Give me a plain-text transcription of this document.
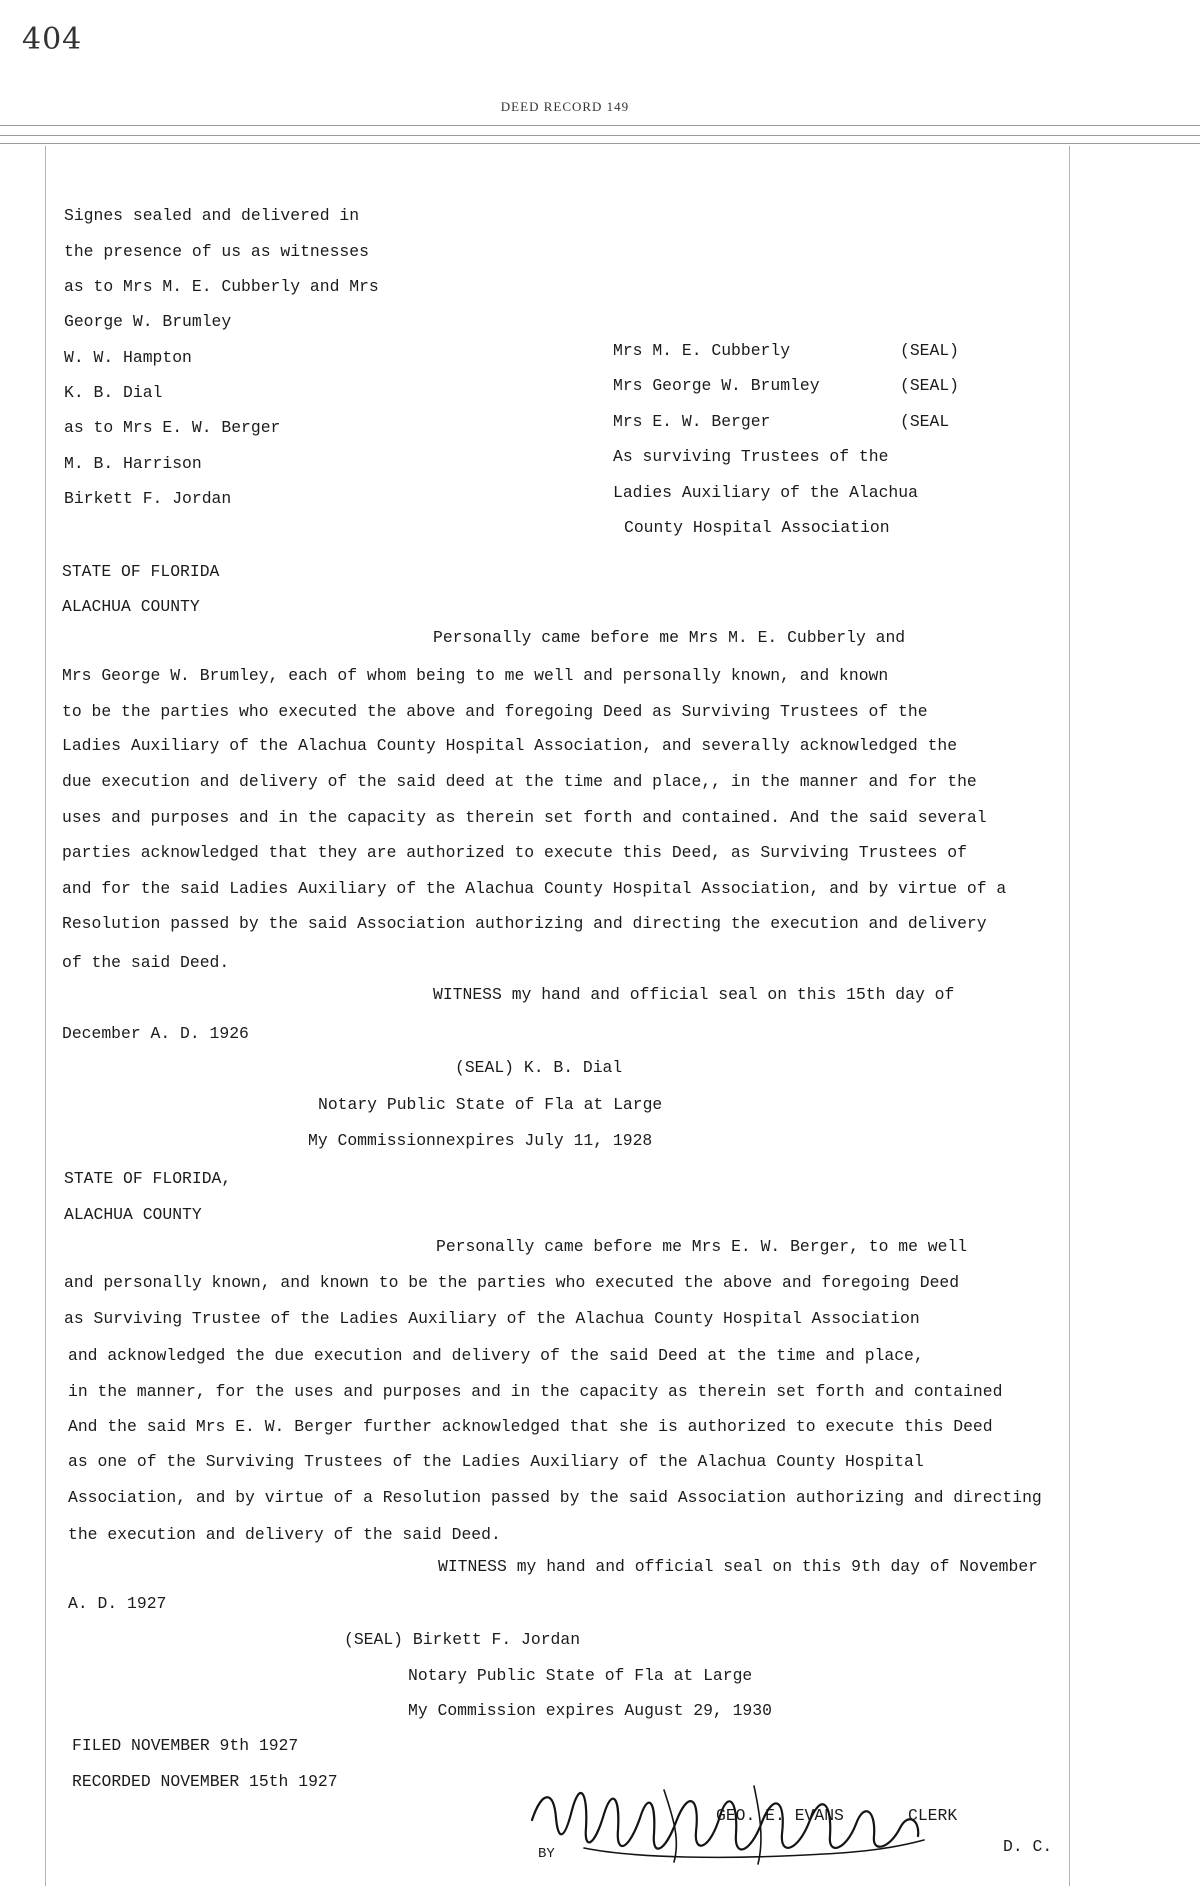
404
DEED RECORD 149
Signes sealed and delivered in
the presence of us as witnesses
as to Mrs M. E. Cubberly and Mrs
George W. Brumley
W. W. Hampton
K. B. Dial
as to Mrs E. W. Berger
M. B. Harrison
Birkett F. Jordan
Mrs M. E. Cubberly	(SEAL)
Mrs George W. Brumley	(SEAL)
Mrs E. W. Berger	(SEAL
As surviving Trustees of the
Ladies Auxiliary of the Alachua
County Hospital Association
STATE OF FLORIDA
ALACHUA COUNTY
Personally came before me Mrs M. E. Cubberly and
Mrs George W. Brumley, each of whom being to me well and personally known, and known
to be the parties who executed the above and foregoing Deed as Surviving Trustees of the
Ladies Auxiliary of the Alachua County Hospital Association, and severally acknowledged the
due execution and delivery of the said deed at the time and place,, in the manner and for the
uses and purposes and in the capacity as therein set forth and contained. And the said several
parties acknowledged that they are authorized to execute this Deed, as Surviving Trustees of
and for the said Ladies Auxiliary of the Alachua County Hospital Association, and by virtue of a
Resolution passed by the said Association authorizing and directing the execution and delivery
of the said Deed.
WITNESS my hand and official seal on this 15th day of
December A. D. 1926
(SEAL) K. B. Dial
Notary Public State of Fla at Large
My Commissionnexpires July 11, 1928
STATE OF FLORIDA,
ALACHUA COUNTY
Personally came before me Mrs E. W. Berger, to me well
and personally known, and known to be the parties who executed the above and foregoing Deed
as Surviving Trustee of the Ladies Auxiliary of the Alachua County Hospital Association
and acknowledged the due execution and delivery of the said Deed at the time and place,
in the manner, for the uses and purposes and in the capacity as therein set forth and contained
And the said Mrs E. W. Berger further acknowledged that she is authorized to execute this Deed
as one of the Surviving Trustees of the Ladies Auxiliary of the Alachua County Hospital
Association, and by virtue of a Resolution passed by the said Association authorizing and directing
the execution and delivery of the said Deed.
WITNESS my hand and official seal on this 9th day of November
A. D. 1927
(SEAL) Birkett F. Jordan
Notary Public State of Fla at Large
My Commission expires August 29, 1930
FILED NOVEMBER 9th 1927
RECORDED NOVEMBER 15th 1927
GEO. E. EVANS	CLERK
BY	D. C.
